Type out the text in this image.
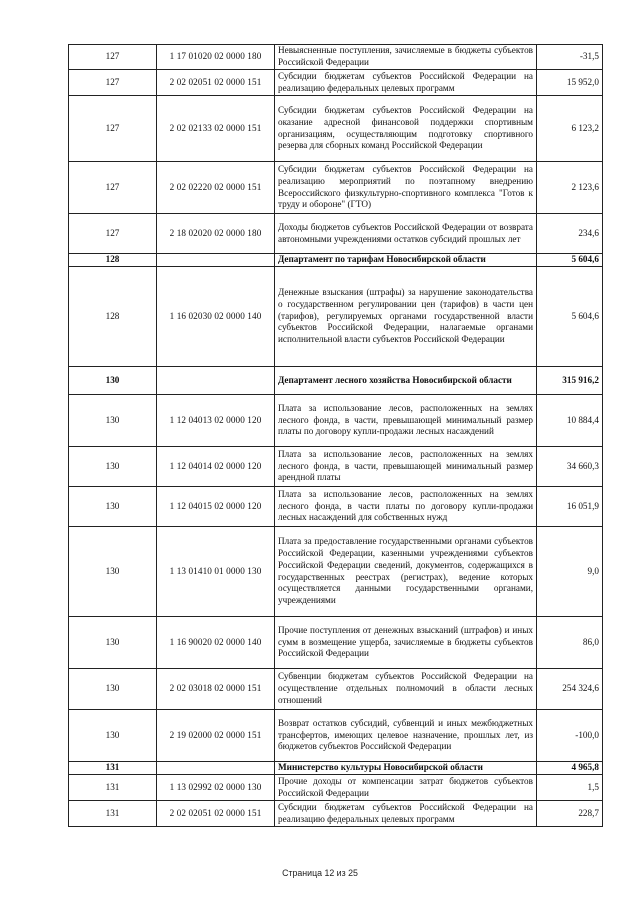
127	1 17 01020 02 0000 180	Невыясненные поступления, зачисляемые в бюджеты субъектов Российской Федерации	-31,5
127	2 02 02051 02 0000 151	Субсидии бюджетам субъектов Российской Федерации на реализацию федеральных целевых программ	15 952,0
127	2 02 02133 02 0000 151	Субсидии бюджетам субъектов Российской Федерации на оказание адресной финансовой поддержки спортивным организациям, осуществляющим подготовку спортивного резерва для сборных команд Российской Федерации	6 123,2
127	2 02 02220 02 0000 151	Субсидии бюджетам субъектов Российской Федерации на реализацию мероприятий по поэтапному внедрению Всероссийского физкультурно-спортивного комплекса "Готов к труду и обороне" (ГТО)	2 123,6
127	2 18 02020 02 0000 180	Доходы бюджетов субъектов Российской Федерации от возврата автономными учреждениями остатков субсидий прошлых лет	234,6
128		Департамент по тарифам Новосибирской области	5 604,6
128	1 16 02030 02 0000 140	Денежные взыскания (штрафы) за нарушение законодательства о государственном регулировании цен (тарифов) в части цен (тарифов), регулируемых органами государственной власти субъектов Российской Федерации, налагаемые органами исполнительной власти субъектов Российской Федерации	5 604,6
130		Департамент лесного хозяйства Новосибирской области	315 916,2
130	1 12 04013 02 0000 120	Плата за использование лесов, расположенных на землях лесного фонда, в части, превышающей минимальный размер платы по договору купли-продажи лесных насаждений	10 884,4
130	1 12 04014 02 0000 120	Плата за использование лесов, расположенных на землях лесного фонда, в части, превышающей минимальный размер арендной платы	34 660,3
130	1 12 04015 02 0000 120	Плата за использование лесов, расположенных на землях лесного фонда, в части платы по договору купли-продажи лесных насаждений для собственных нужд	16 051,9
130	1 13 01410 01 0000 130	Плата за предоставление государственными органами субъектов Российской Федерации, казенными учреждениями субъектов Российской Федерации сведений, документов, содержащихся в государственных реестрах (регистрах), ведение которых осуществляется данными государственными органами, учреждениями	9,0
130	1 16 90020 02 0000 140	Прочие поступления от денежных взысканий (штрафов) и иных сумм в возмещение ущерба, зачисляемые в бюджеты субъектов Российской Федерации	86,0
130	2 02 03018 02 0000 151	Субвенции бюджетам субъектов Российской Федерации на осуществление отдельных полномочий в области лесных отношений	254 324,6
130	2 19 02000 02 0000 151	Возврат остатков субсидий, субвенций и иных межбюджетных трансфертов, имеющих целевое назначение, прошлых лет, из бюджетов субъектов Российской Федерации	-100,0
131		Министерство культуры Новосибирской области	4 965,8
131	1 13 02992 02 0000 130	Прочие доходы от компенсации затрат бюджетов субъектов Российской Федерации	1,5
131	2 02 02051 02 0000 151	Субсидии бюджетам субъектов Российской Федерации на реализацию федеральных целевых программ	228,7
Страница 12 из 25
